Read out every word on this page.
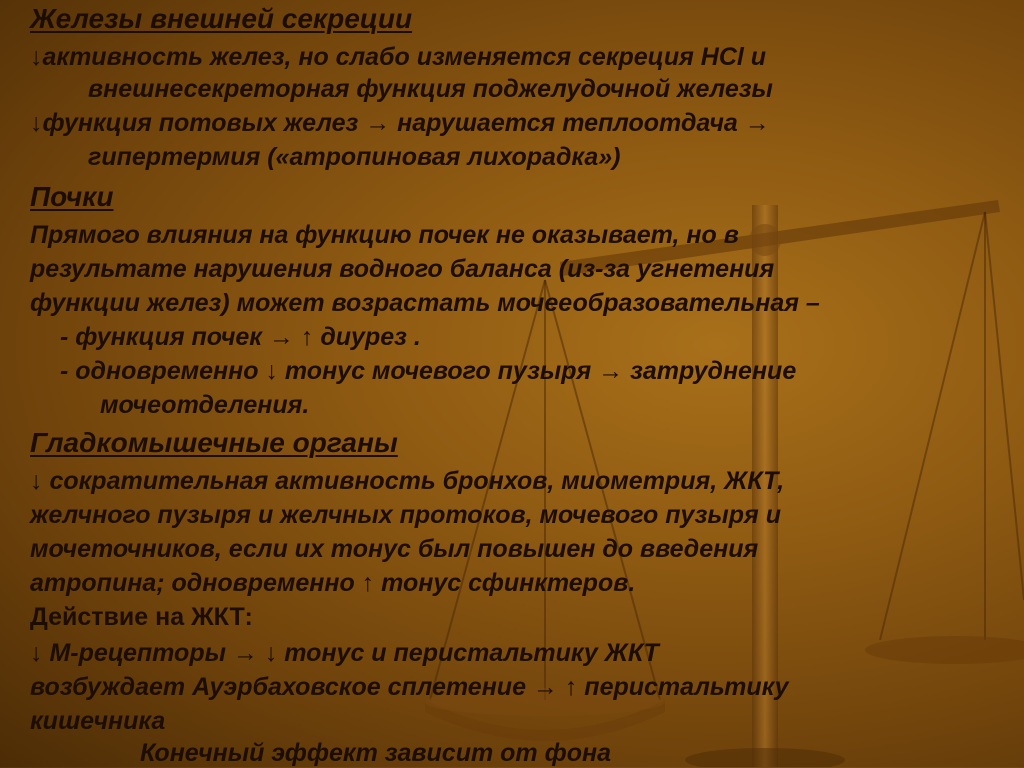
Железы внешней секреции
↓активность желез, но слабо изменяется секреция HCl и
внешнесекреторная функция поджелудочной железы
↓функция потовых желез → нарушается теплоотдача →
гипертермия («атропиновая лихорадка»)
Почки
Прямого влияния на функцию почек не оказывает, но в
результате нарушения водного баланса (из-за угнетения
функции желез) может возрастать мочееобразовательная –
- функция почек → ↑ диурез .
- одновременно ↓ тонус мочевого пузыря → затруднение
мочеотделения.
Гладкомышечные органы
↓ сократительная активность бронхов, миометрия, ЖКТ,
желчного пузыря и желчных протоков, мочевого пузыря и
мочеточников, если их тонус был повышен до введения
атропина; одновременно ↑ тонус сфинктеров.
Действие на ЖКТ:
↓ М-рецепторы → ↓ тонус и перистальтику ЖКТ
возбуждает Ауэрбаховское сплетение → ↑ перистальтику
кишечника
Конечный эффект зависит от фона
